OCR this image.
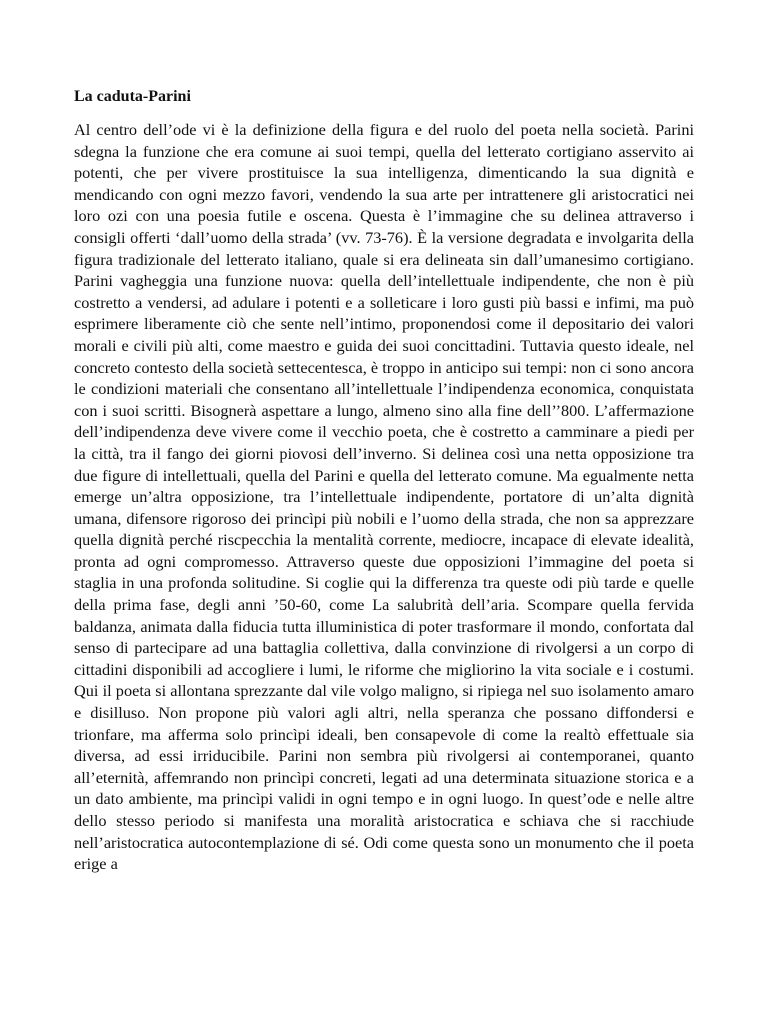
La caduta-Parini

Al centro dell’ode vi è la definizione della figura e del ruolo del poeta nella società. Parini sdegna la funzione che era comune ai suoi tempi, quella del letterato cortigiano asservito ai potenti, che per vivere prostituisce la sua intelligenza, dimenticando la sua dignità e mendicando con ogni mezzo favori, vendendo la sua arte per intrattenere gli aristocratici nei loro ozi con una poesia futile e oscena. Questa è l’immagine che su delinea attraverso i consigli offerti ‘dall’uomo della strada’ (vv. 73-76). È la versione degradata e involgarita della figura tradizionale del letterato italiano, quale si era delineata sin dall’umanesimo cortigiano. Parini vagheggia una funzione nuova: quella dell’intellettuale indipendente, che non è più costretto a vendersi, ad adulare i potenti e a solleticare i loro gusti più bassi e infimi, ma può esprimere liberamente ciò che sente nell’intimo, proponendosi come il depositario dei valori morali e civili più alti, come maestro e guida dei suoi concittadini. Tuttavia questo ideale, nel concreto contesto della società settecentesca, è troppo in anticipo sui tempi: non ci sono ancora le condizioni materiali che consentano all’intellettuale l’indipendenza economica, conquistata con i suoi scritti. Bisognerà aspettare a lungo, almeno sino alla fine dell’’800. L’affermazione dell’indipendenza deve vivere come il vecchio poeta, che è costretto a camminare a piedi per la città, tra il fango dei giorni piovosi dell’inverno. Si delinea così una netta opposizione tra due figure di intellettuali, quella del Parini e quella del letterato comune. Ma egualmente netta emerge un’altra opposizione, tra l’intellettuale indipendente, portatore di un’alta dignità umana, difensore rigoroso dei princìpi più nobili e l’uomo della strada, che non sa apprezzare quella dignità perché riscpecchia la mentalità corrente, mediocre, incapace di elevate idealità, pronta ad ogni compromesso. Attraverso queste due opposizioni l’immagine del poeta si staglia in una profonda solitudine. Si coglie qui la differenza tra queste odi più tarde e quelle della prima fase, degli anni ’50-60, come La salubrità dell’aria. Scompare quella fervida baldanza, animata dalla fiducia tutta illuministica di poter trasformare il mondo, confortata dal senso di partecipare ad una battaglia collettiva, dalla convinzione di rivolgersi a un corpo di cittadini disponibili ad accogliere i lumi, le riforme che migliorino la vita sociale e i costumi. Qui il poeta si allontana sprezzante dal vile volgo maligno, si ripiega nel suo isolamento amaro e disilluso. Non propone più valori agli altri, nella speranza che possano diffondersi e trionfare, ma afferma solo princìpi ideali, ben consapevole di come la realtò effettuale sia diversa, ad essi irriducibile. Parini non sembra più rivolgersi ai contemporanei, quanto all’eternità, affemrando non princìpi concreti, legati ad una determinata situazione storica e a un dato ambiente, ma princìpi validi in ogni tempo e in ogni luogo. In quest’ode e nelle altre dello stesso periodo si manifesta una moralità aristocratica e schiava che si racchiude nell’aristocratica autocontemplazione di sé. Odi come questa sono un monumento che il poeta erige a
